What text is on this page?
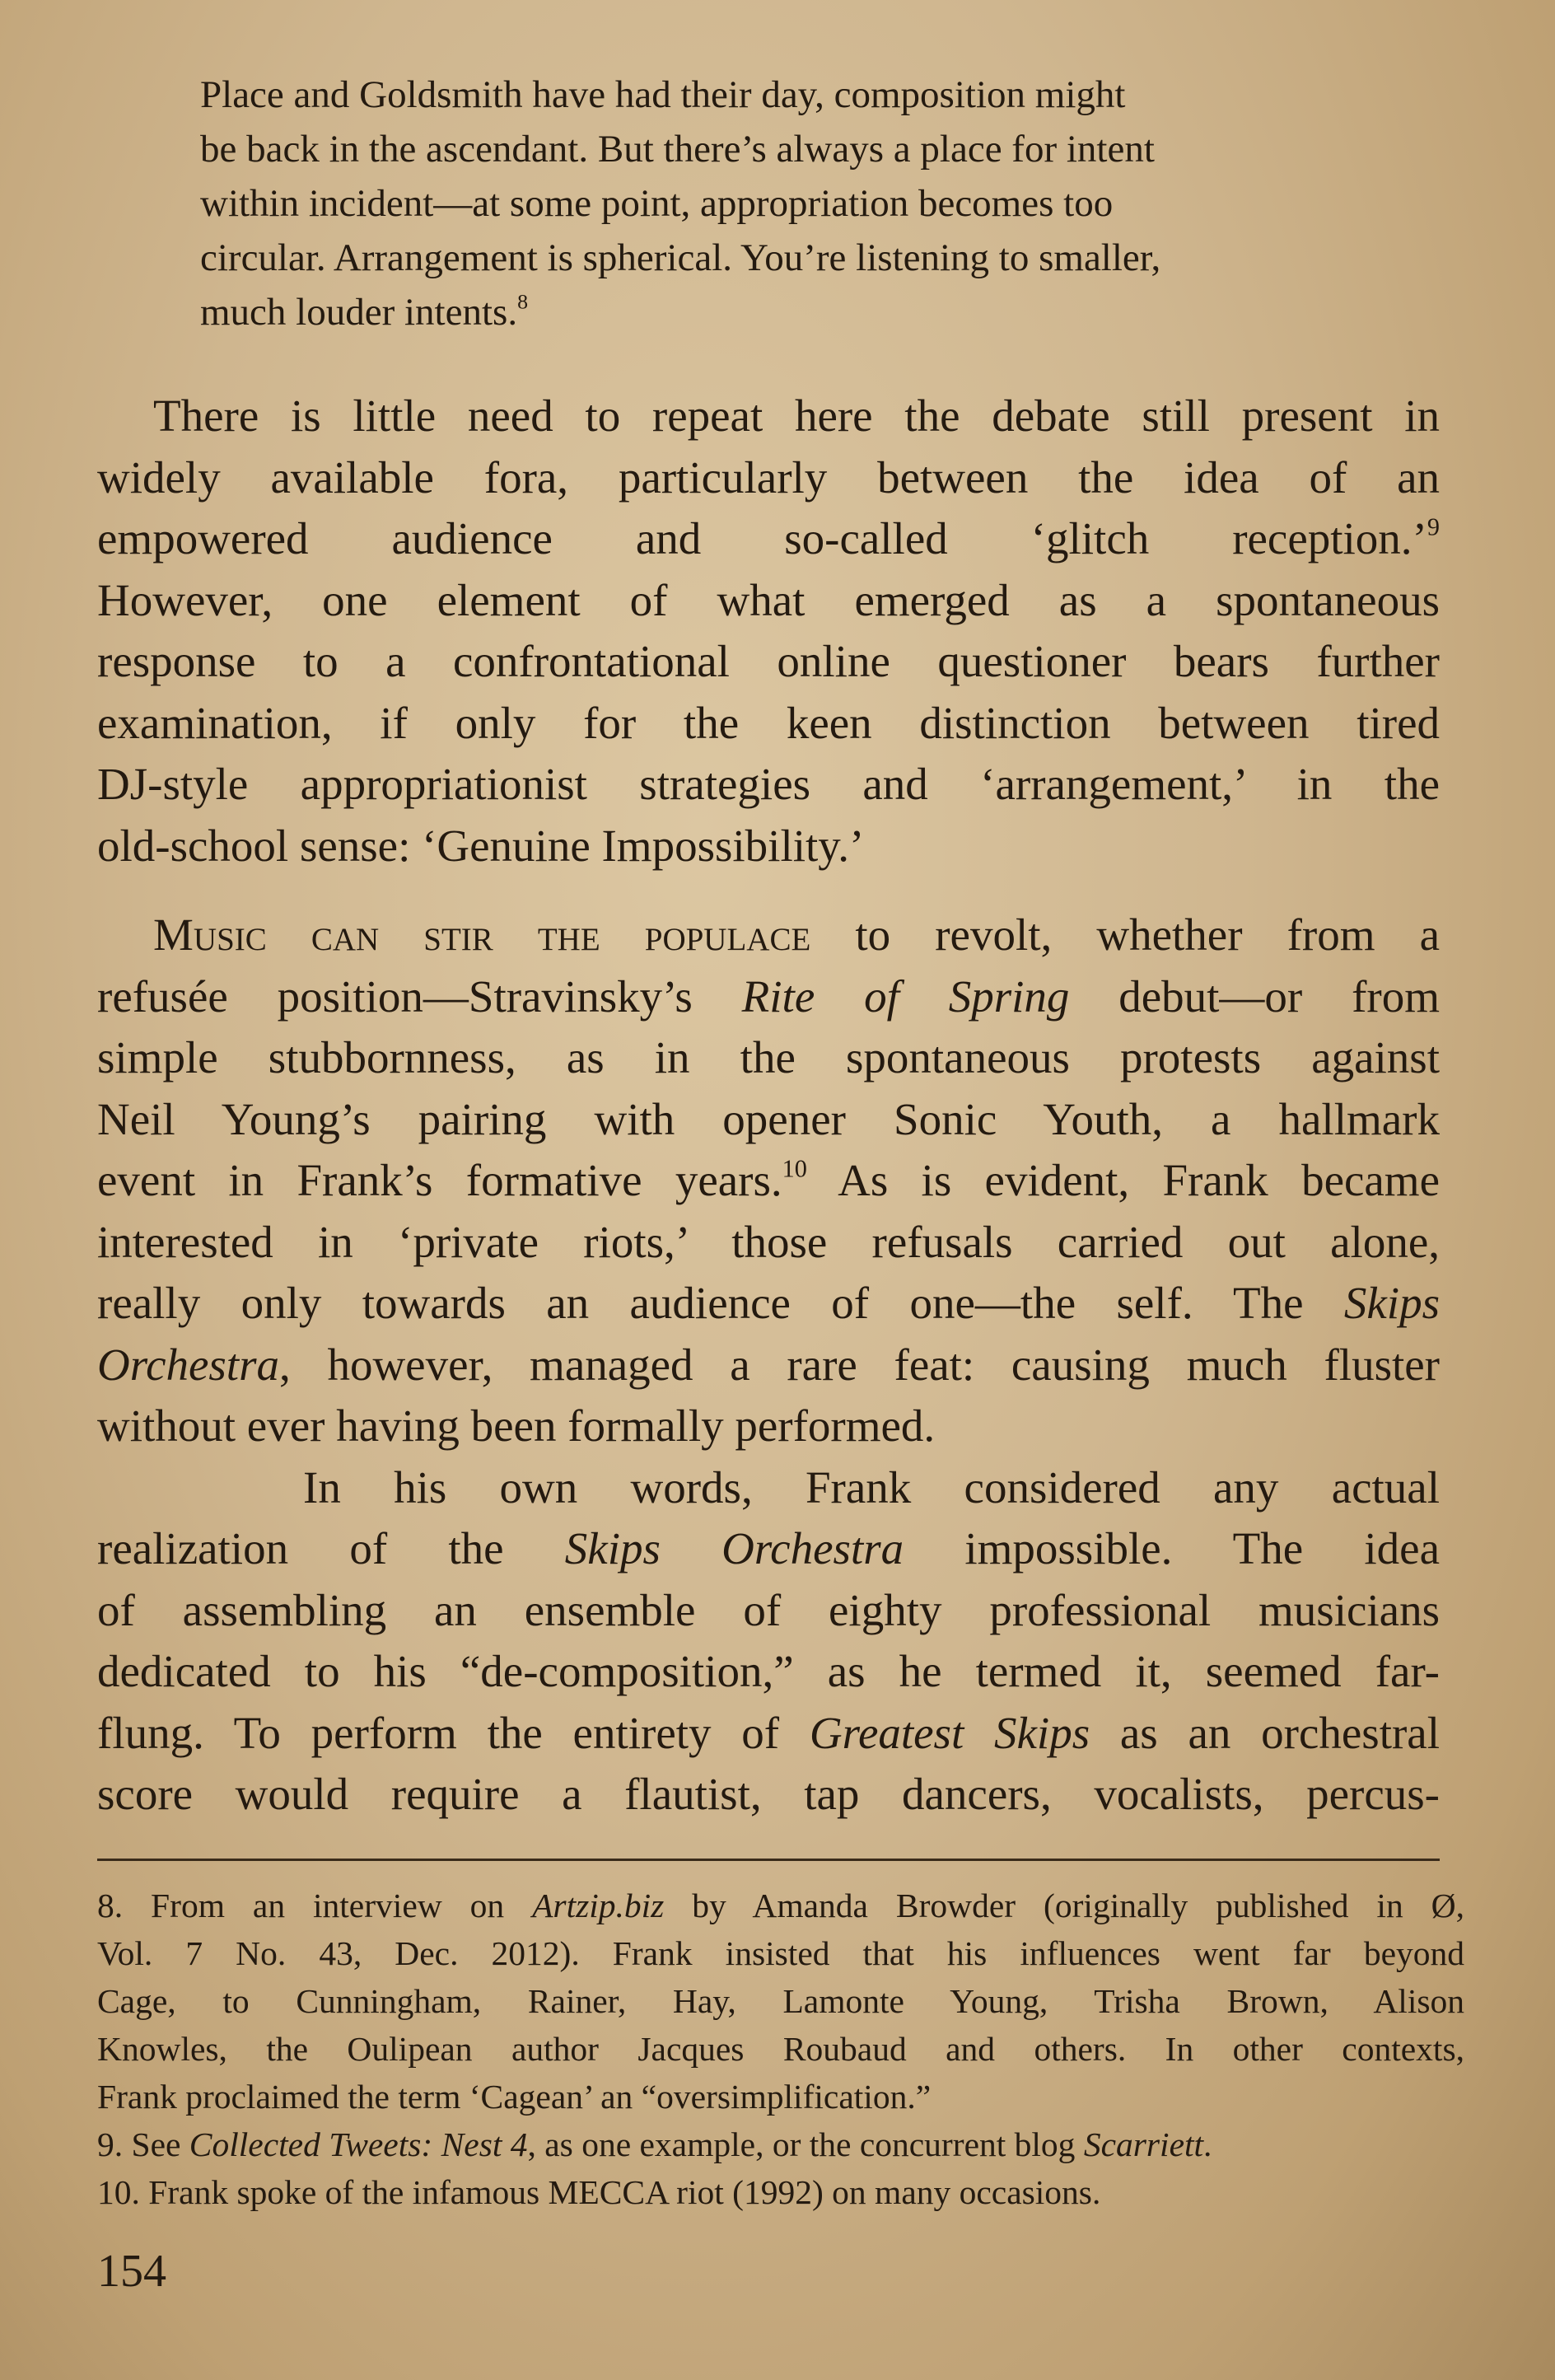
Place and Goldsmith have had their day, composition might
be back in the ascendant. But there’s always a place for intent
within incident—at some point, appropriation becomes too
circular. Arrangement is spherical. You’re listening to smaller,
much louder intents.$^8$
There is little need to repeat here the debate still present in
widely available fora, particularly between the idea of an
empowered audience and so-called ‘glitch reception.’$^9$
However, one element of what emerged as a spontaneous
response to a confrontational online questioner bears further
examination, if only for the keen distinction between tired
DJ-style appropriationist strategies and ‘arrangement,’ in the
old-school sense: ‘Genuine Impossibility.’
Music can stir the populace to revolt, whether from a
refusée position—Stravinsky’s Rite of Spring debut—or from
simple stubbornness, as in the spontaneous protests against
Neil Young’s pairing with opener Sonic Youth, a hallmark
event in Frank’s formative years.$^{10}$ As is evident, Frank became
interested in ‘private riots,’ those refusals carried out alone,
really only towards an audience of one—the self. The Skips
Orchestra, however, managed a rare feat: causing much fluster
without ever having been formally performed.
In his own words, Frank considered any actual
realization of the Skips Orchestra impossible. The idea
of assembling an ensemble of eighty professional musicians
dedicated to his “de-composition,” as he termed it, seemed far-
flung. To perform the entirety of Greatest Skips as an orchestral
score would require a flautist, tap dancers, vocalists, percus-
8. From an interview on Artzip.biz by Amanda Browder (originally published in Ø,
Vol. 7 No. 43, Dec. 2012). Frank insisted that his influences went far beyond
Cage, to Cunningham, Rainer, Hay, Lamonte Young, Trisha Brown, Alison
Knowles, the Oulipean author Jacques Roubaud and others. In other contexts,
Frank proclaimed the term ‘Cagean’ an “oversimplification.”
9. See Collected Tweets: Nest 4, as one example, or the concurrent blog Scarriett.
10. Frank spoke of the infamous MECCA riot (1992) on many occasions.
154
